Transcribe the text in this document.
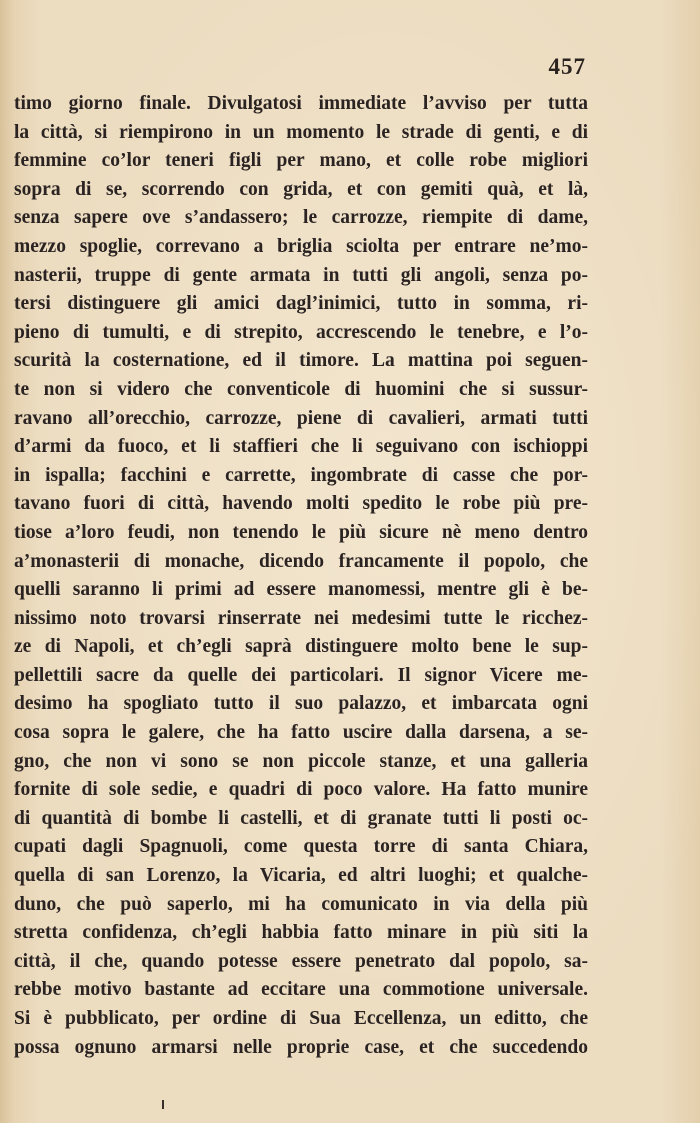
457
timo giorno finale. Divulgatosi immediate l’avviso per tutta
la città, si riempirono in un momento le strade di genti, e di
femmine co’lor teneri figli per mano, et colle robe migliori
sopra di se, scorrendo con grida, et con gemiti quà, et là,
senza sapere ove s’andassero; le carrozze, riempite di dame,
mezzo spoglie, correvano a briglia sciolta per entrare ne’mo-
nasterii, truppe di gente armata in tutti gli angoli, senza po-
tersi distinguere gli amici dagl’inimici, tutto in somma, ri-
pieno di tumulti, e di strepito, accrescendo le tenebre, e l’o-
scurità la costernatione, ed il timore. La mattina poi seguen-
te non si videro che conventicole di huomini che si sussur-
ravano all’orecchio, carrozze, piene di cavalieri, armati tutti
d’armi da fuoco, et li staffieri che li seguivano con ischioppi
in ispalla; facchini e carrette, ingombrate di casse che por-
tavano fuori di città, havendo molti spedito le robe più pre-
tiose a’loro feudi, non tenendo le più sicure nè meno dentro
a’monasterii di monache, dicendo francamente il popolo, che
quelli saranno li primi ad essere manomessi, mentre gli è be-
nissimo noto trovarsi rinserrate nei medesimi tutte le ricchez-
ze di Napoli, et ch’egli saprà distinguere molto bene le sup-
pellettili sacre da quelle dei particolari. Il signor Vicere me-
desimo ha spogliato tutto il suo palazzo, et imbarcata ogni
cosa sopra le galere, che ha fatto uscire dalla darsena, a se-
gno, che non vi sono se non piccole stanze, et una galleria
fornite di sole sedie, e quadri di poco valore. Ha fatto munire
di quantità di bombe li castelli, et di granate tutti li posti oc-
cupati dagli Spagnuoli, come questa torre di santa Chiara,
quella di san Lorenzo, la Vicaria, ed altri luoghi; et qualche-
duno, che può saperlo, mi ha comunicato in via della più
stretta confidenza, ch’egli habbia fatto minare in più siti la
città, il che, quando potesse essere penetrato dal popolo, sa-
rebbe motivo bastante ad eccitare una commotione universale.
Si è pubblicato, per ordine di Sua Eccellenza, un editto, che
possa ognuno armarsi nelle proprie case, et che succedendo
